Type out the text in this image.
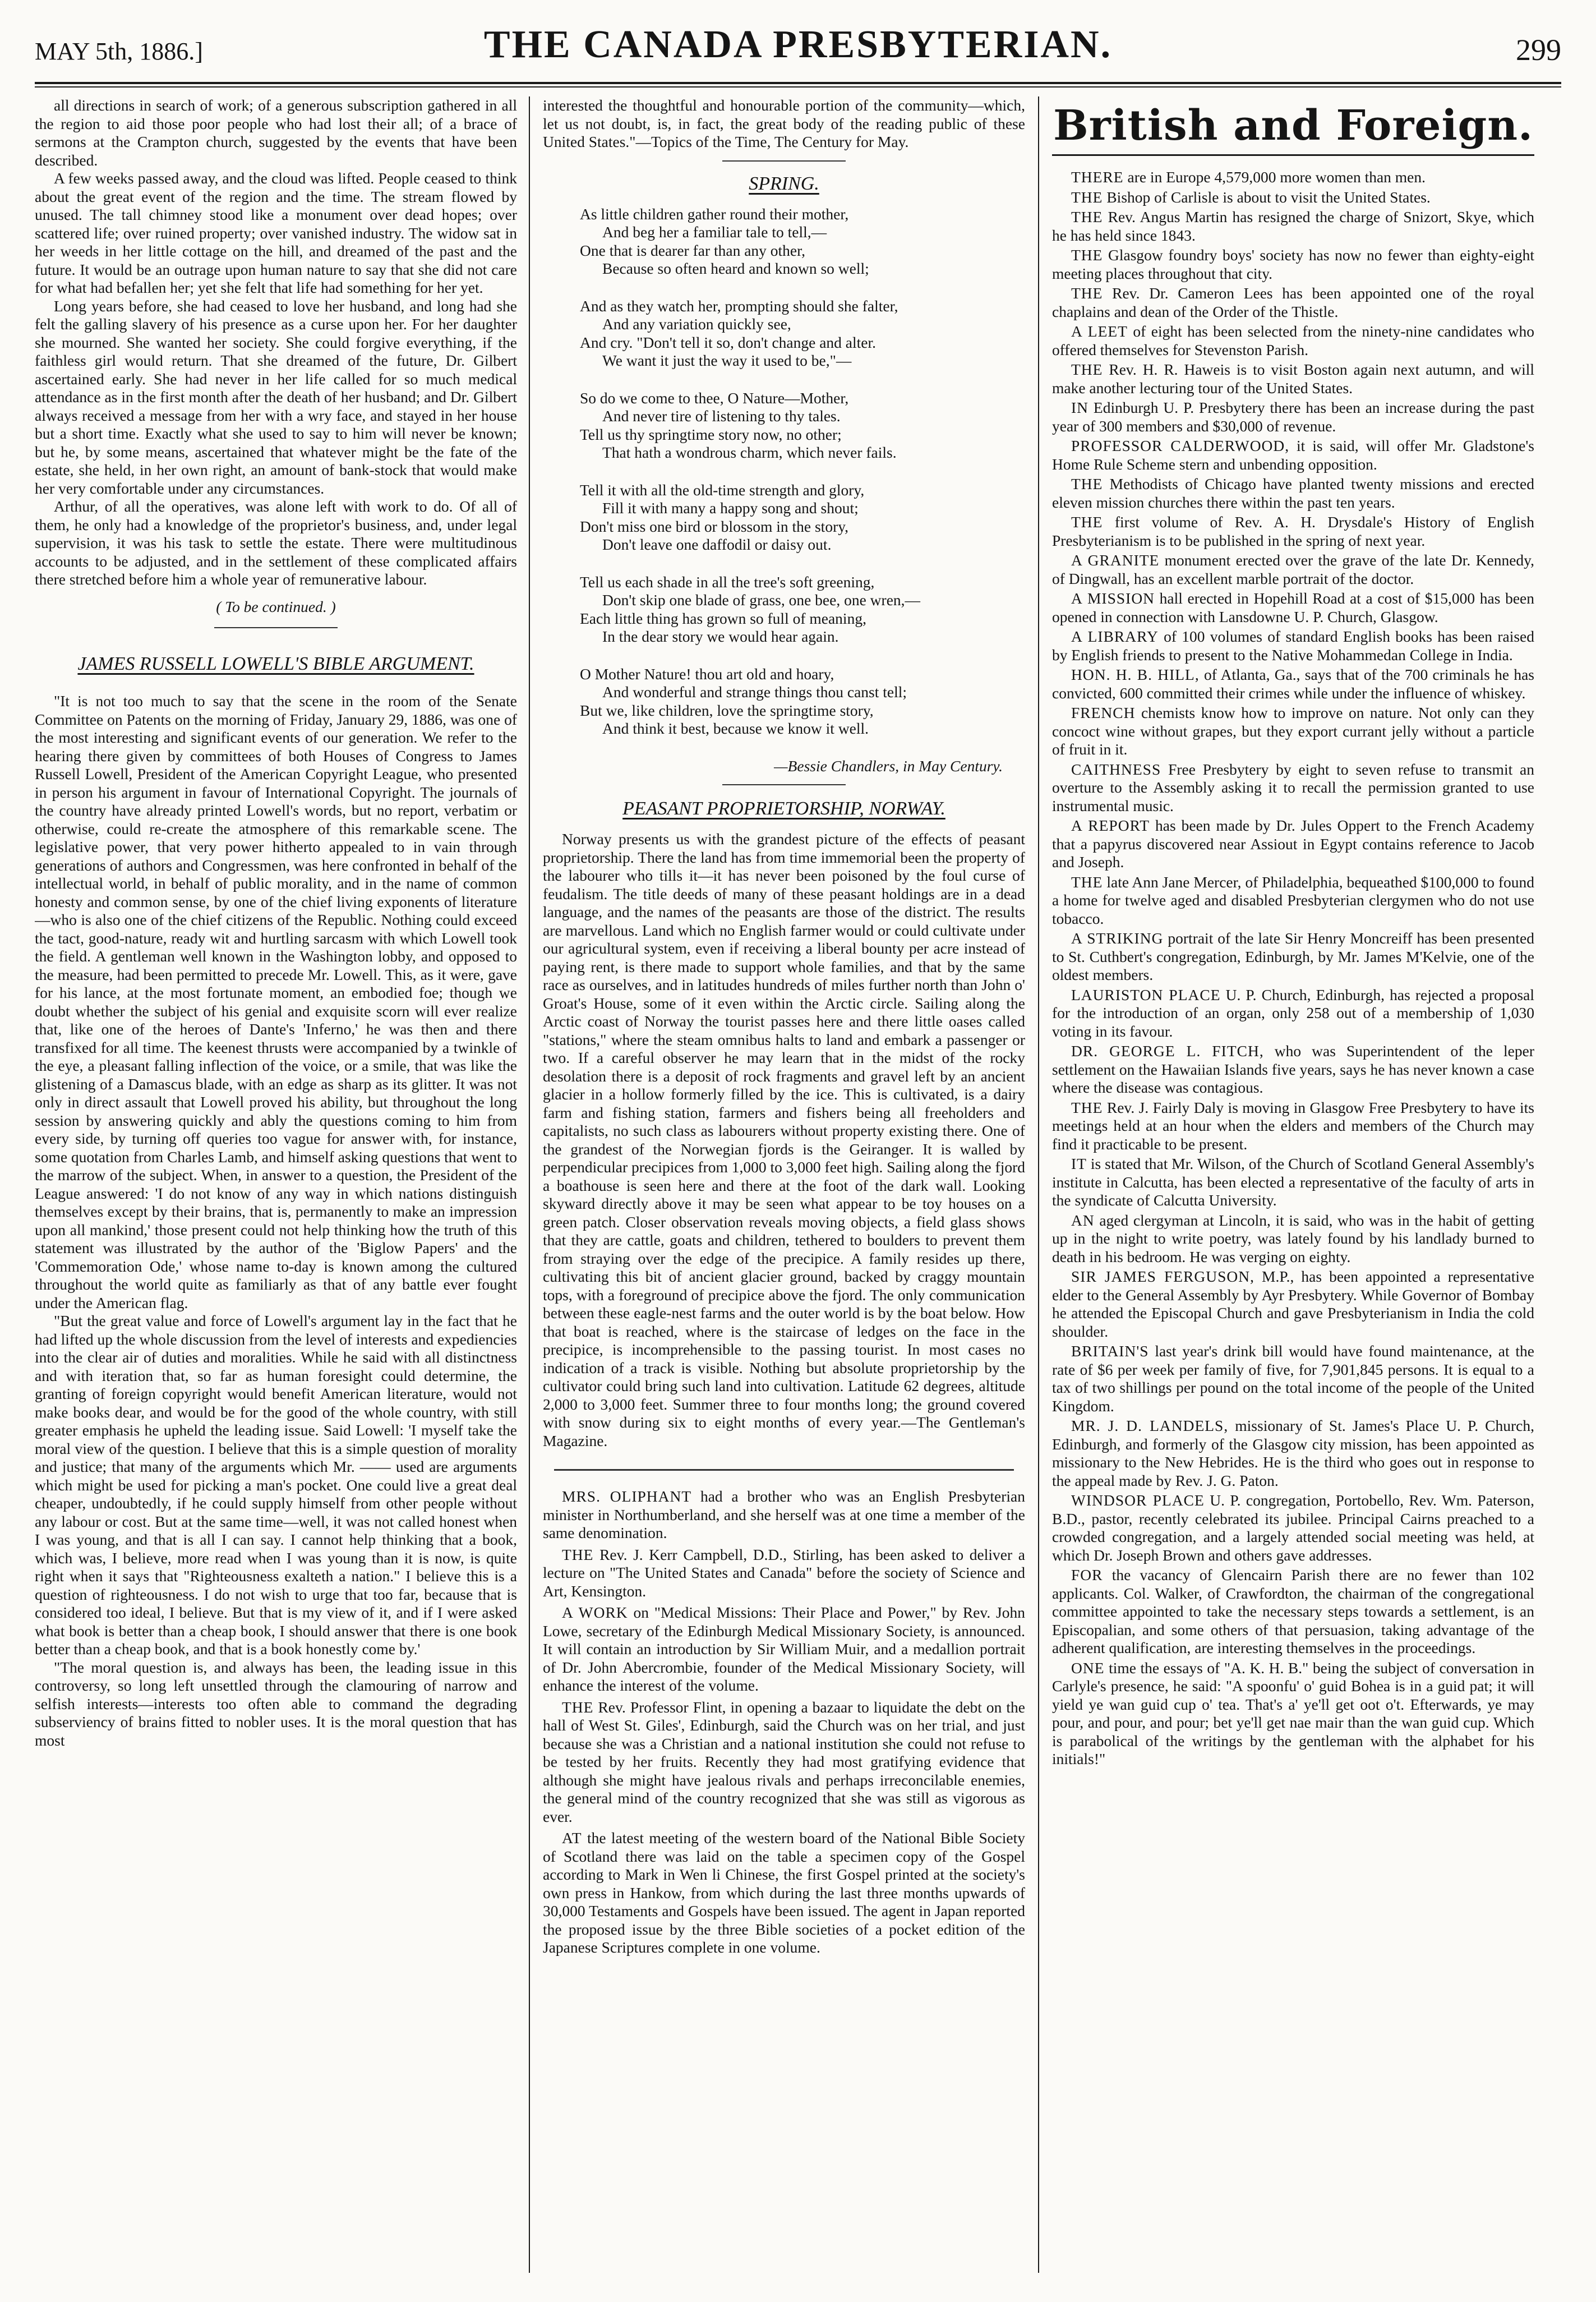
MAY 5th, 1886.]	THE CANADA PRESBYTERIAN.	299

all directions in search of work; of a generous subscription gathered in all the region to aid those poor people who had lost their all; of a brace of sermons at the Crampton church, suggested by the events that have been described.

A few weeks passed away, and the cloud was lifted. People ceased to think about the great event of the region and the time. The stream flowed by unused. The tall chimney stood like a monument over dead hopes; over scattered life; over ruined property; over vanished industry. The widow sat in her weeds in her little cottage on the hill, and dreamed of the past and the future. It would be an outrage upon human nature to say that she did not care for what had befallen her; yet she felt that life had something for her yet.

Long years before, she had ceased to love her husband, and long had she felt the galling slavery of his presence as a curse upon her. For her daughter she mourned. She wanted her society. She could forgive everything, if the faithless girl would return. That she dreamed of the future, Dr. Gilbert ascertained early. She had never in her life called for so much medical attendance as in the first month after the death of her husband; and Dr. Gilbert always received a message from her with a wry face, and stayed in her house but a short time. Exactly what she used to say to him will never be known; but he, by some means, ascertained that whatever might be the fate of the estate, she held, in her own right, an amount of bank-stock that would make her very comfortable under any circumstances.

Arthur, of all the operatives, was alone left with work to do. Of all of them, he only had a knowledge of the proprietor's business, and, under legal supervision, it was his task to settle the estate. There were multitudinous accounts to be adjusted, and in the settlement of these complicated affairs there stretched before him a whole year of remunerative labour.

( To be continued. )

JAMES RUSSELL LOWELL'S BIBLE ARGUMENT.

"It is not too much to say that the scene in the room of the Senate Committee on Patents on the morning of Friday, January 29, 1886, was one of the most interesting and significant events of our generation. We refer to the hearing there given by committees of both Houses of Congress to James Russell Lowell, President of the American Copyright League, who presented in person his argument in favour of International Copyright. The journals of the country have already printed Lowell's words, but no report, verbatim or otherwise, could re-create the atmosphere of this remarkable scene. The legislative power, that very power hitherto appealed to in vain through generations of authors and Congressmen, was here confronted in behalf of the intellectual world, in behalf of public morality, and in the name of common honesty and common sense, by one of the chief living exponents of literature—who is also one of the chief citizens of the Republic. Nothing could exceed the tact, good-nature, ready wit and hurtling sarcasm with which Lowell took the field. A gentleman well known in the Washington lobby, and opposed to the measure, had been permitted to precede Mr. Lowell. This, as it were, gave for his lance, at the most fortunate moment, an embodied foe; though we doubt whether the subject of his genial and exquisite scorn will ever realize that, like one of the heroes of Dante's 'Inferno,' he was then and there transfixed for all time. The keenest thrusts were accompanied by a twinkle of the eye, a pleasant falling inflection of the voice, or a smile, that was like the glistening of a Damascus blade, with an edge as sharp as its glitter. It was not only in direct assault that Lowell proved his ability, but throughout the long session by answering quickly and ably the questions coming to him from every side, by turning off queries too vague for answer with, for instance, some quotation from Charles Lamb, and himself asking questions that went to the marrow of the subject. When, in answer to a question, the President of the League answered: 'I do not know of any way in which nations distinguish themselves except by their brains, that is, permanently to make an impression upon all mankind,' those present could not help thinking how the truth of this statement was illustrated by the author of the 'Biglow Papers' and the 'Commemoration Ode,' whose name to-day is known among the cultured throughout the world quite as familiarly as that of any battle ever fought under the American flag.

"But the great value and force of Lowell's argument lay in the fact that he had lifted up the whole discussion from the level of interests and expediencies into the clear air of duties and moralities. While he said with all distinctness and with iteration that, so far as human foresight could determine, the granting of foreign copyright would benefit American literature, would not make books dear, and would be for the good of the whole country, with still greater emphasis he upheld the leading issue. Said Lowell: 'I myself take the moral view of the question. I believe that this is a simple question of morality and justice; that many of the arguments which Mr. —— used are arguments which might be used for picking a man's pocket. One could live a great deal cheaper, undoubtedly, if he could supply himself from other people without any labour or cost. But at the same time—well, it was not called honest when I was young, and that is all I can say. I cannot help thinking that a book, which was, I believe, more read when I was young than it is now, is quite right when it says that "Righteousness exalteth a nation." I believe this is a question of righteousness. I do not wish to urge that too far, because that is considered too ideal, I believe. But that is my view of it, and if I were asked what book is better than a cheap book, I should answer that there is one book better than a cheap book, and that is a book honestly come by.'

"The moral question is, and always has been, the leading issue in this controversy, so long left unsettled through the clamouring of narrow and selfish interests—interests too often able to command the degrading subserviency of brains fitted to nobler uses. It is the moral question that has most

interested the thoughtful and honourable portion of the community—which, let us not doubt, is, in fact, the great body of the reading public of these United States."—Topics of the Time, The Century for May.

SPRING.

As little children gather round their mother,
And beg her a familiar tale to tell,—
One that is dearer far than any other,
Because so often heard and known so well;
And as they watch her, prompting should she falter,
And any variation quickly see,
And cry. "Don't tell it so, don't change and alter.
We want it just the way it used to be,"—
So do we come to thee, O Nature—Mother,
And never tire of listening to thy tales.
Tell us thy springtime story now, no other;
That hath a wondrous charm, which never fails.
Tell it with all the old-time strength and glory,
Fill it with many a happy song and shout;
Don't miss one bird or blossom in the story,
Don't leave one daffodil or daisy out.
Tell us each shade in all the tree's soft greening,
Don't skip one blade of grass, one bee, one wren,—
Each little thing has grown so full of meaning,
In the dear story we would hear again.
O Mother Nature! thou art old and hoary,
And wonderful and strange things thou canst tell;
But we, like children, love the springtime story,
And think it best, because we know it well.
—Bessie Chandlers, in May Century.

PEASANT PROPRIETORSHIP, NORWAY.

Norway presents us with the grandest picture of the effects of peasant proprietorship. There the land has from time immemorial been the property of the labourer who tills it—it has never been poisoned by the foul curse of feudalism. The title deeds of many of these peasant holdings are in a dead language, and the names of the peasants are those of the district. The results are marvellous. Land which no English farmer would or could cultivate under our agricultural system, even if receiving a liberal bounty per acre instead of paying rent, is there made to support whole families, and that by the same race as ourselves, and in latitudes hundreds of miles further north than John o' Groat's House, some of it even within the Arctic circle. Sailing along the Arctic coast of Norway the tourist passes here and there little oases called "stations," where the steam omnibus halts to land and embark a passenger or two. If a careful observer he may learn that in the midst of the rocky desolation there is a deposit of rock fragments and gravel left by an ancient glacier in a hollow formerly filled by the ice. This is cultivated, is a dairy farm and fishing station, farmers and fishers being all freeholders and capitalists, no such class as labourers without property existing there. One of the grandest of the Norwegian fjords is the Geiranger. It is walled by perpendicular precipices from 1,000 to 3,000 feet high. Sailing along the fjord a boathouse is seen here and there at the foot of the dark wall. Looking skyward directly above it may be seen what appear to be toy houses on a green patch. Closer observation reveals moving objects, a field glass shows that they are cattle, goats and children, tethered to boulders to prevent them from straying over the edge of the precipice. A family resides up there, cultivating this bit of ancient glacier ground, backed by craggy mountain tops, with a foreground of precipice above the fjord. The only communication between these eagle-nest farms and the outer world is by the boat below. How that boat is reached, where is the staircase of ledges on the face in the precipice, is incomprehensible to the passing tourist. In most cases no indication of a track is visible. Nothing but absolute proprietorship by the cultivator could bring such land into cultivation. Latitude 62 degrees, altitude 2,000 to 3,000 feet. Summer three to four months long; the ground covered with snow during six to eight months of every year.—The Gentleman's Magazine.

MRS. OLIPHANT had a brother who was an English Presbyterian minister in Northumberland, and she herself was at one time a member of the same denomination.

THE Rev. J. Kerr Campbell, D.D., Stirling, has been asked to deliver a lecture on "The United States and Canada" before the society of Science and Art, Kensington.

A WORK on "Medical Missions: Their Place and Power," by Rev. John Lowe, secretary of the Edinburgh Medical Missionary Society, is announced. It will contain an introduction by Sir William Muir, and a medallion portrait of Dr. John Abercrombie, founder of the Medical Missionary Society, will enhance the interest of the volume.

THE Rev. Professor Flint, in opening a bazaar to liquidate the debt on the hall of West St. Giles', Edinburgh, said the Church was on her trial, and just because she was a Christian and a national institution she could not refuse to be tested by her fruits. Recently they had most gratifying evidence that although she might have jealous rivals and perhaps irreconcilable enemies, the general mind of the country recognized that she was still as vigorous as ever.

AT the latest meeting of the western board of the National Bible Society of Scotland there was laid on the table a specimen copy of the Gospel according to Mark in Wen li Chinese, the first Gospel printed at the society's own press in Hankow, from which during the last three months upwards of 30,000 Testaments and Gospels have been issued. The agent in Japan reported the proposed issue by the three Bible societies of a pocket edition of the Japanese Scriptures complete in one volume.

British and Foreign.

THERE are in Europe 4,579,000 more women than men.

THE Bishop of Carlisle is about to visit the United States.

THE Rev. Angus Martin has resigned the charge of Snizort, Skye, which he has held since 1843.

THE Glasgow foundry boys' society has now no fewer than eighty-eight meeting places throughout that city.

THE Rev. Dr. Cameron Lees has been appointed one of the royal chaplains and dean of the Order of the Thistle.

A LEET of eight has been selected from the ninety-nine candidates who offered themselves for Stevenston Parish.

THE Rev. H. R. Haweis is to visit Boston again next autumn, and will make another lecturing tour of the United States.

IN Edinburgh U. P. Presbytery there has been an increase during the past year of 300 members and $30,000 of revenue.

PROFESSOR CALDERWOOD, it is said, will offer Mr. Gladstone's Home Rule Scheme stern and unbending opposition.

THE Methodists of Chicago have planted twenty missions and erected eleven mission churches there within the past ten years.

THE first volume of Rev. A. H. Drysdale's History of English Presbyterianism is to be published in the spring of next year.

A GRANITE monument erected over the grave of the late Dr. Kennedy, of Dingwall, has an excellent marble portrait of the doctor.

A MISSION hall erected in Hopehill Road at a cost of $15,000 has been opened in connection with Lansdowne U. P. Church, Glasgow.

A LIBRARY of 100 volumes of standard English books has been raised by English friends to present to the Native Mohammedan College in India.

HON. H. B. HILL, of Atlanta, Ga., says that of the 700 criminals he has convicted, 600 committed their crimes while under the influence of whiskey.

FRENCH chemists know how to improve on nature. Not only can they concoct wine without grapes, but they export currant jelly without a particle of fruit in it.

CAITHNESS Free Presbytery by eight to seven refuse to transmit an overture to the Assembly asking it to recall the permission granted to use instrumental music.

A REPORT has been made by Dr. Jules Oppert to the French Academy that a papyrus discovered near Assiout in Egypt contains reference to Jacob and Joseph.

THE late Ann Jane Mercer, of Philadelphia, bequeathed $100,000 to found a home for twelve aged and disabled Presbyterian clergymen who do not use tobacco.

A STRIKING portrait of the late Sir Henry Moncreiff has been presented to St. Cuthbert's congregation, Edinburgh, by Mr. James M'Kelvie, one of the oldest members.

LAURISTON PLACE U. P. Church, Edinburgh, has rejected a proposal for the introduction of an organ, only 258 out of a membership of 1,030 voting in its favour.

DR. GEORGE L. FITCH, who was Superintendent of the leper settlement on the Hawaiian Islands five years, says he has never known a case where the disease was contagious.

THE Rev. J. Fairly Daly is moving in Glasgow Free Presbytery to have its meetings held at an hour when the elders and members of the Church may find it practicable to be present.

IT is stated that Mr. Wilson, of the Church of Scotland General Assembly's institute in Calcutta, has been elected a representative of the faculty of arts in the syndicate of Calcutta University.

AN aged clergyman at Lincoln, it is said, who was in the habit of getting up in the night to write poetry, was lately found by his landlady burned to death in his bedroom. He was verging on eighty.

SIR JAMES FERGUSON, M.P., has been appointed a representative elder to the General Assembly by Ayr Presbytery. While Governor of Bombay he attended the Episcopal Church and gave Presbyterianism in India the cold shoulder.

BRITAIN'S last year's drink bill would have found maintenance, at the rate of $6 per week per family of five, for 7,901,845 persons. It is equal to a tax of two shillings per pound on the total income of the people of the United Kingdom.

MR. J. D. LANDELS, missionary of St. James's Place U. P. Church, Edinburgh, and formerly of the Glasgow city mission, has been appointed as missionary to the New Hebrides. He is the third who goes out in response to the appeal made by Rev. J. G. Paton.

WINDSOR PLACE U. P. congregation, Portobello, Rev. Wm. Paterson, B.D., pastor, recently celebrated its jubilee. Principal Cairns preached to a crowded congregation, and a largely attended social meeting was held, at which Dr. Joseph Brown and others gave addresses.

FOR the vacancy of Glencairn Parish there are no fewer than 102 applicants. Col. Walker, of Crawfordton, the chairman of the congregational committee appointed to take the necessary steps towards a settlement, is an Episcopalian, and some others of that persuasion, taking advantage of the adherent qualification, are interesting themselves in the proceedings.

ONE time the essays of "A. K. H. B." being the subject of conversation in Carlyle's presence, he said: "A spoonfu' o' guid Bohea is in a guid pat; it will yield ye wan guid cup o' tea. That's a' ye'll get oot o't. Efterwards, ye may pour, and pour, and pour; bet ye'll get nae mair than the wan guid cup. Which is parabolical of the writings by the gentleman with the alphabet for his initials!"
